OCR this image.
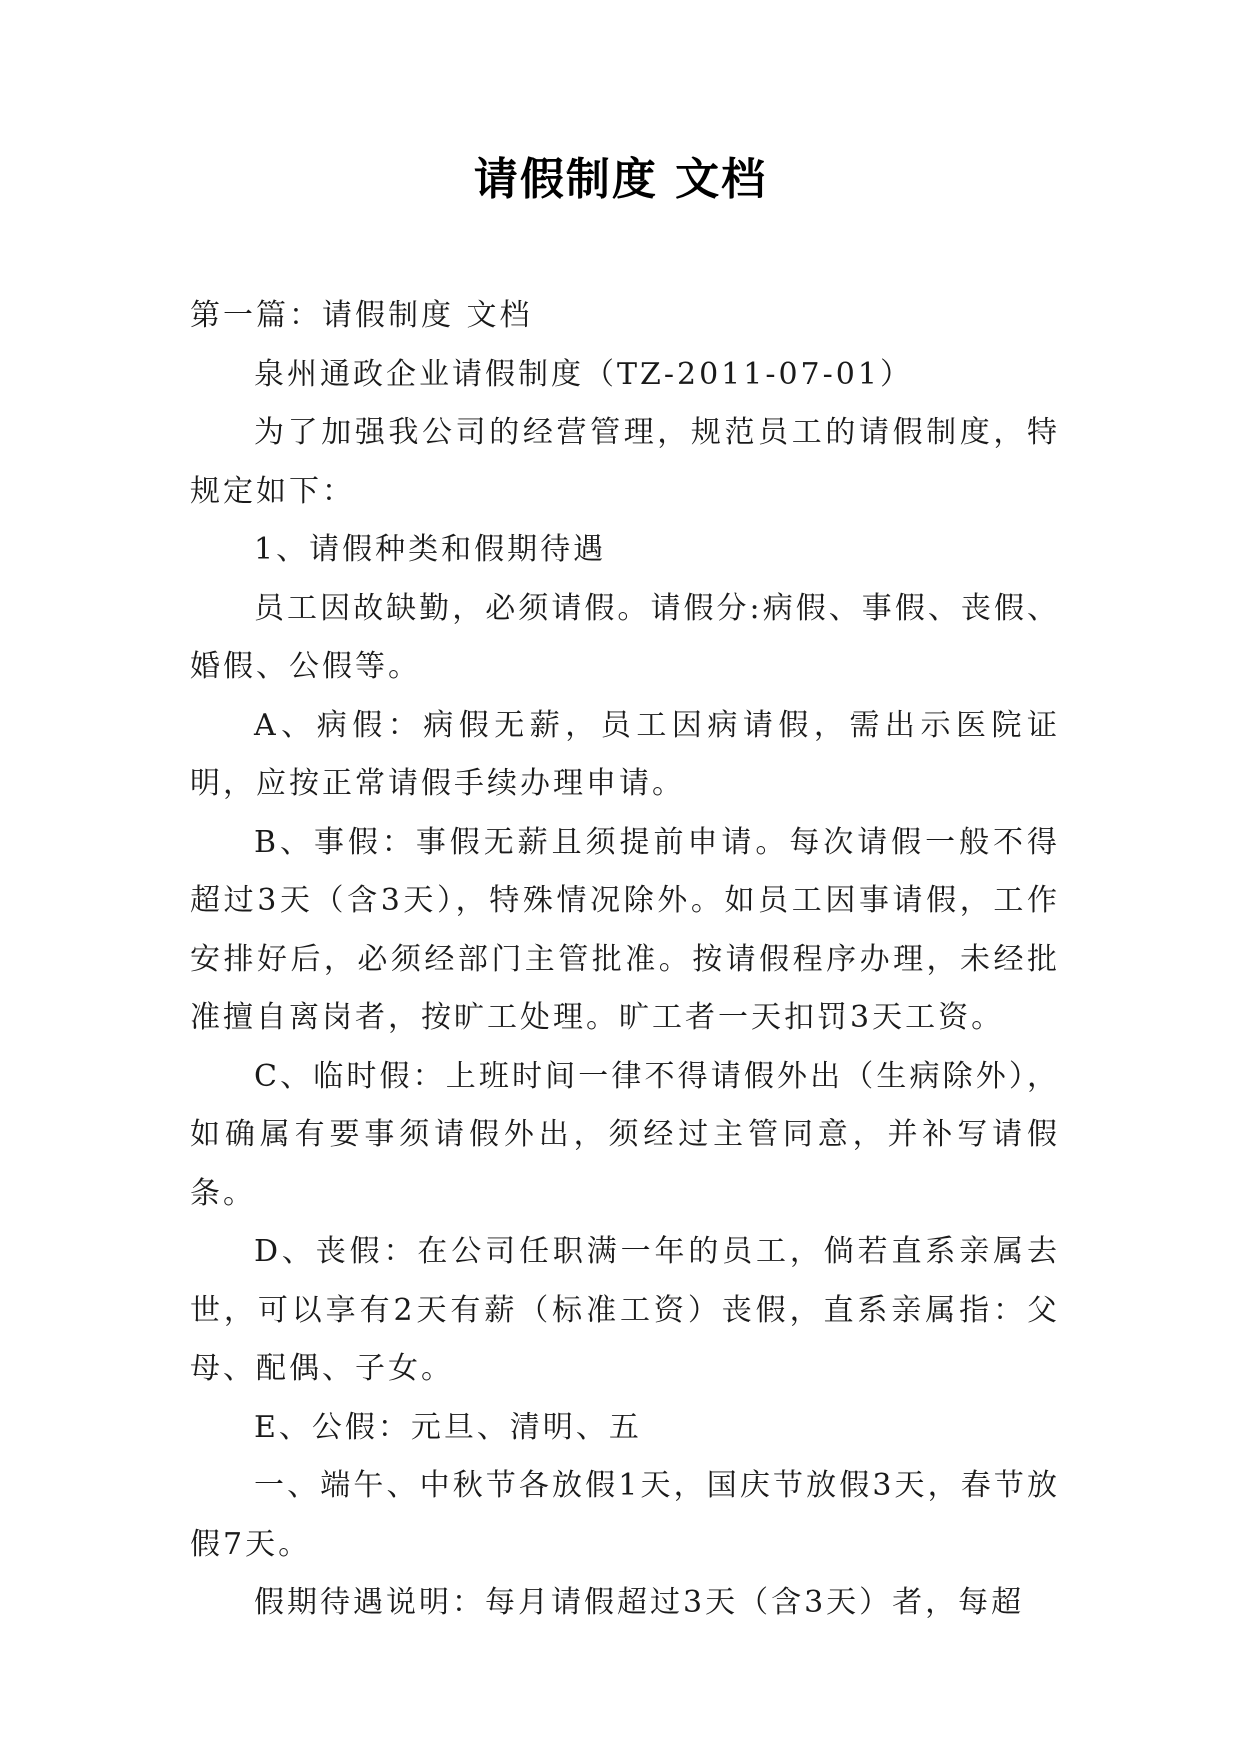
请假制度 文档

第一篇：请假制度 文档

泉州通政企业请假制度（TZ-2011-07-01）

为了加强我公司的经营管理，规范员工的请假制度，特规定如下：

1、请假种类和假期待遇

员工因故缺勤，必须请假。请假分:病假、事假、丧假、婚假、公假等。

A、病假：病假无薪，员工因病请假，需出示医院证明，应按正常请假手续办理申请。

B、事假：事假无薪且须提前申请。每次请假一般不得超过3天（含3天），特殊情况除外。如员工因事请假，工作安排好后，必须经部门主管批准。按请假程序办理，未经批准擅自离岗者，按旷工处理。旷工者一天扣罚3天工资。

C、临时假：上班时间一律不得请假外出（生病除外），如确属有要事须请假外出，须经过主管同意，并补写请假条。

D、丧假：在公司任职满一年的员工，倘若直系亲属去世，可以享有2天有薪（标准工资）丧假，直系亲属指：父母、配偶、子女。

E、公假：元旦、清明、五

一、端午、中秋节各放假1天，国庆节放假3天，春节放假7天。

假期待遇说明：每月请假超过3天（含3天）者，每超
